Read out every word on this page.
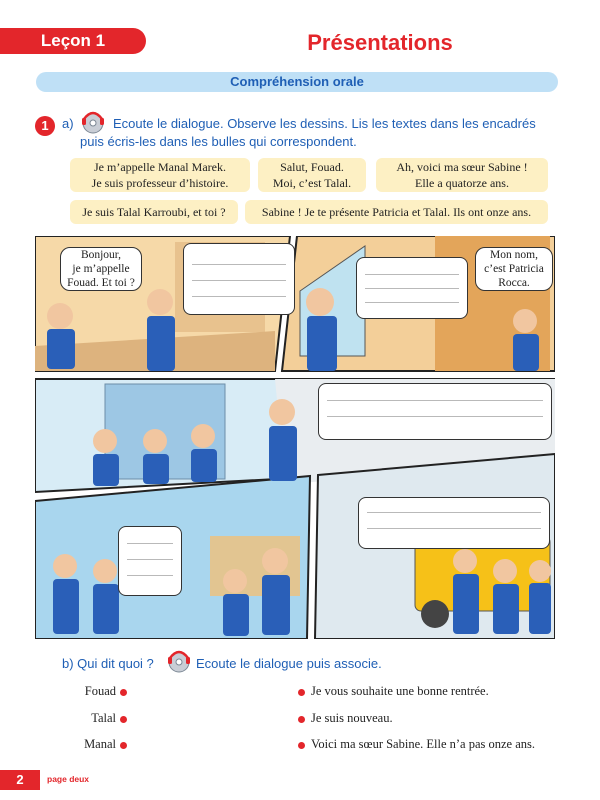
Leçon 1	Présentations
Compréhension orale
1	a)	Ecoute le dialogue. Observe les dessins. Lis les textes dans les encadrés
puis écris-les dans les bulles qui correspondent.
Je m’appelle Manal Marek.
Je suis professeur d’histoire.
Salut, Fouad.
Moi, c’est Talal.
Ah, voici ma sœur Sabine !
Elle a quatorze ans.
Je suis Talal Karroubi, et toi ?	Sabine ! Je te présente Patricia et Talal. Ils ont onze ans.
Bonjour,
je m’appelle
Fouad. Et toi ?
Mon nom,
c’est Patricia
Rocca.
b) Qui dit quoi ?	Ecoute le dialogue puis associe.
Fouad
Talal
Manal
Je vous souhaite une bonne rentrée.
Je suis nouveau.
Voici ma sœur Sabine. Elle n’a pas onze ans.
2	page deux
